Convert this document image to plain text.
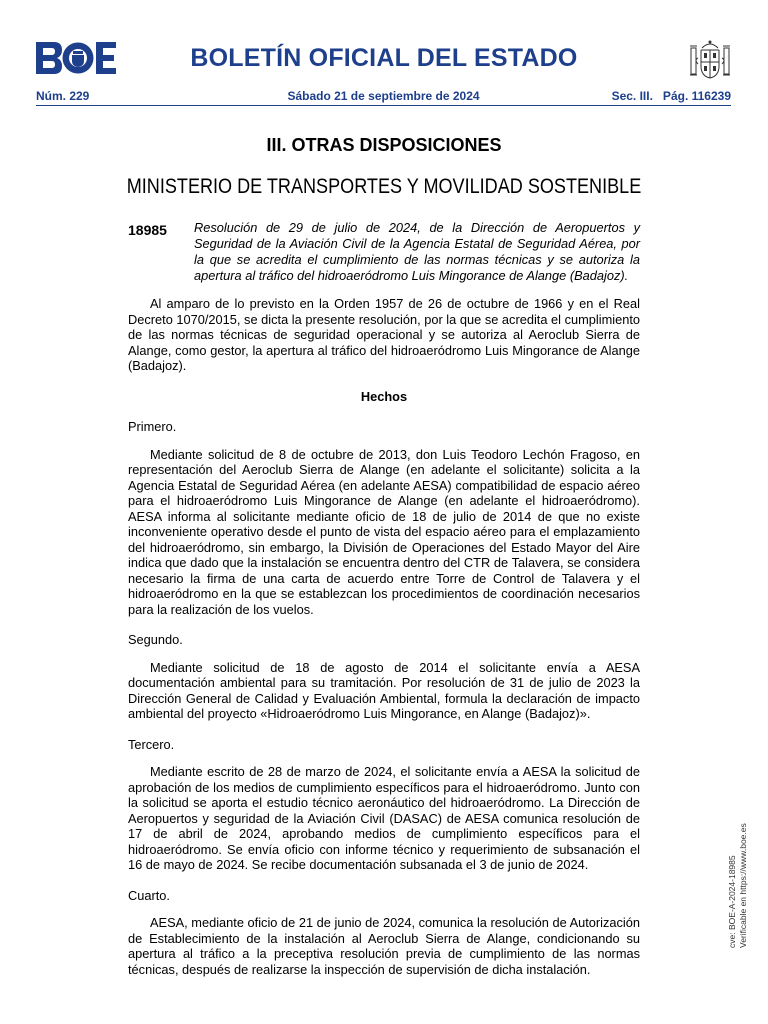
BOLETÍN OFICIAL DEL ESTADO
Núm. 229	Sábado 21 de septiembre de 2024	Sec. III.   Pág. 116239
III. OTRAS DISPOSICIONES
MINISTERIO DE TRANSPORTES Y MOVILIDAD SOSTENIBLE
18985 Resolución de 29 de julio de 2024, de la Dirección de Aeropuertos y Seguridad de la Aviación Civil de la Agencia Estatal de Seguridad Aérea, por la que se acredita el cumplimiento de las normas técnicas y se autoriza la apertura al tráfico del hidroaeródromo Luis Mingorance de Alange (Badajoz).

Al amparo de lo previsto en la Orden 1957 de 26 de octubre de 1966 y en el Real Decreto 1070/2015, se dicta la presente resolución, por la que se acredita el cumplimiento de las normas técnicas de seguridad operacional y se autoriza al Aeroclub Sierra de Alange, como gestor, la apertura al tráfico del hidroaeródromo Luis Mingorance de Alange (Badajoz).

Hechos

Primero.

Mediante solicitud de 8 de octubre de 2013, don Luis Teodoro Lechón Fragoso, en representación del Aeroclub Sierra de Alange (en adelante el solicitante) solicita a la Agencia Estatal de Seguridad Aérea (en adelante AESA) compatibilidad de espacio aéreo para el hidroaeródromo Luis Mingorance de Alange (en adelante el hidroaeródromo). AESA informa al solicitante mediante oficio de 18 de julio de 2014 de que no existe inconveniente operativo desde el punto de vista del espacio aéreo para el emplazamiento del hidroaeródromo, sin embargo, la División de Operaciones del Estado Mayor del Aire indica que dado que la instalación se encuentra dentro del CTR de Talavera, se considera necesario la firma de una carta de acuerdo entre Torre de Control de Talavera y el hidroaeródromo en la que se establezcan los procedimientos de coordinación necesarios para la realización de los vuelos.

Segundo.

Mediante solicitud de 18 de agosto de 2014 el solicitante envía a AESA documentación ambiental para su tramitación. Por resolución de 31 de julio de 2023 la Dirección General de Calidad y Evaluación Ambiental, formula la declaración de impacto ambiental del proyecto «Hidroaeródromo Luis Mingorance, en Alange (Badajoz)».

Tercero.

Mediante escrito de 28 de marzo de 2024, el solicitante envía a AESA la solicitud de aprobación de los medios de cumplimiento específicos para el hidroaeródromo. Junto con la solicitud se aporta el estudio técnico aeronáutico del hidroaeródromo. La Dirección de Aeropuertos y seguridad de la Aviación Civil (DASAC) de AESA comunica resolución de 17 de abril de 2024, aprobando medios de cumplimiento específicos para el hidroaeródromo. Se envía oficio con informe técnico y requerimiento de subsanación el 16 de mayo de 2024. Se recibe documentación subsanada el 3 de junio de 2024.

Cuarto.

AESA, mediante oficio de 21 de junio de 2024, comunica la resolución de Autorización de Establecimiento de la instalación al Aeroclub Sierra de Alange, condicionando su apertura al tráfico a la preceptiva resolución previa de cumplimiento de las normas técnicas, después de realizarse la inspección de supervisión de dicha instalación.

cve: BOE-A-2024-18985 Verificable en https://www.boe.es
